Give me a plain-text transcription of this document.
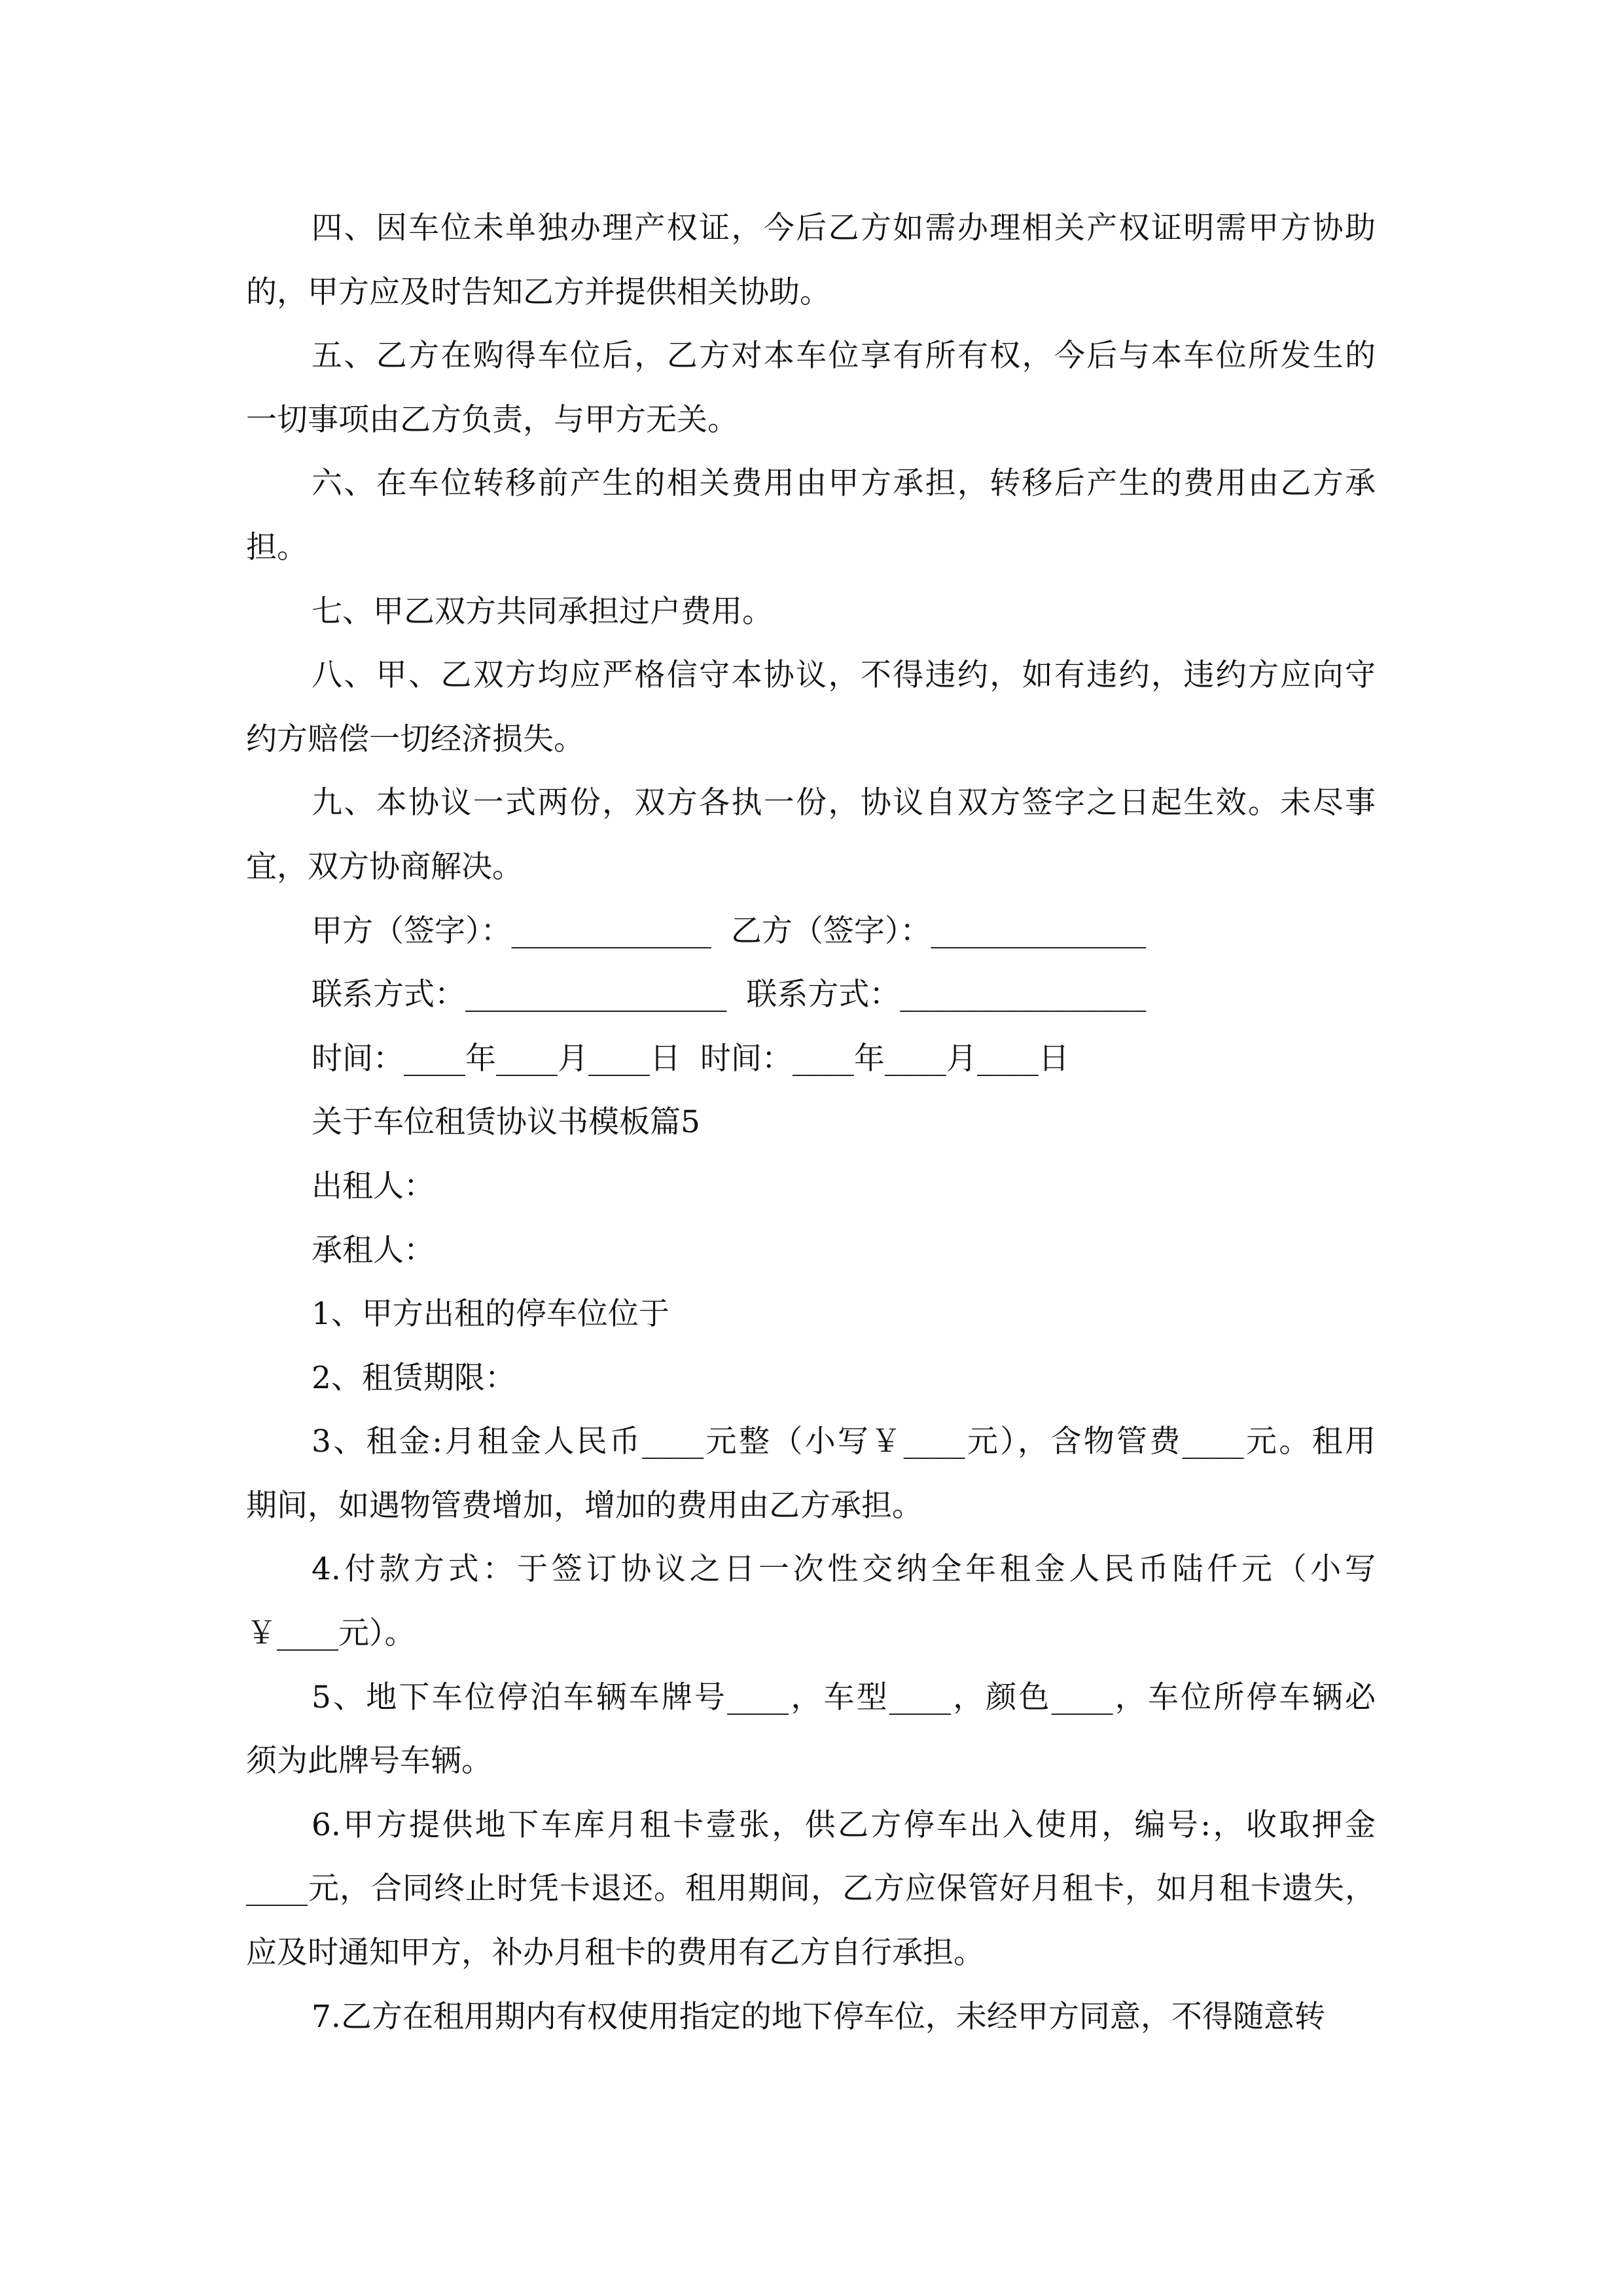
四、因车位未单独办理产权证，今后乙方如需办理相关产权证明需甲方协助
的，甲方应及时告知乙方并提供相关协助。
五、乙方在购得车位后，乙方对本车位享有所有权，今后与本车位所发生的
一切事项由乙方负责，与甲方无关。
六、在车位转移前产生的相关费用由甲方承担，转移后产生的费用由乙方承
担。
七、甲乙双方共同承担过户费用。
八、甲、乙双方均应严格信守本协议，不得违约，如有违约，违约方应向守
约方赔偿一切经济损失。
九、本协议一式两份，双方各执一份，协议自双方签字之日起生效。未尽事
宜，双方协商解决。
甲方（签字）：_____________  乙方（签字）：______________
联系方式：_________________  联系方式：________________
时间：____年____月____日  时间：____年____月____日
关于车位租赁协议书模板篇5
出租人：
承租人：
1、甲方出租的停车位位于
2、租赁期限：
3、租金:月租金人民币____元整（小写￥____元），含物管费____元。租用
期间，如遇物管费增加，增加的费用由乙方承担。
4.付款方式：于签订协议之日一次性交纳全年租金人民币陆仟元（小写
￥____元）。
5、地下车位停泊车辆车牌号____，车型____，颜色____，车位所停车辆必
须为此牌号车辆。
6.甲方提供地下车库月租卡壹张，供乙方停车出入使用，编号:，收取押金
____元，合同终止时凭卡退还。租用期间，乙方应保管好月租卡，如月租卡遗失，
应及时通知甲方，补办月租卡的费用有乙方自行承担。
7.乙方在租用期内有权使用指定的地下停车位，未经甲方同意，不得随意转
